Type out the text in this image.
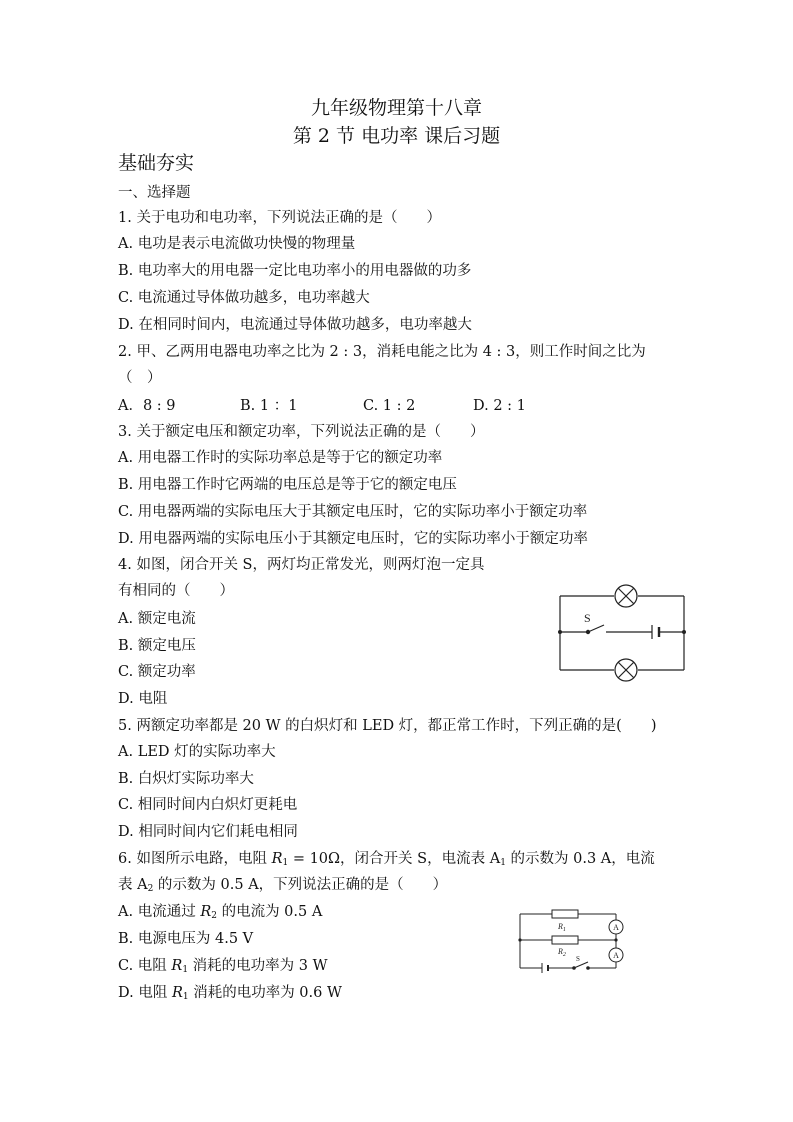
九年级物理第十八章
第 2 节 电功率 课后习题
基础夯实
一、选择题
1. 关于电功和电功率，下列说法正确的是（　　）
A. 电功是表示电流做功快慢的物理量
B. 电功率大的用电器一定比电功率小的用电器做的功多
C. 电流通过导体做功越多，电功率越大
D. 在相同时间内，电流通过导体做功越多，电功率越大
2. 甲、乙两用电器电功率之比为 2 : 3，消耗电能之比为 4 : 3，则工作时间之比为
（　）
A．8 : 9	B. 1 ：1	C. 1 : 2	D. 2 : 1
3. 关于额定电压和额定功率，下列说法正确的是（　　）
A. 用电器工作时的实际功率总是等于它的额定功率
B. 用电器工作时它两端的电压总是等于它的额定电压
C. 用电器两端的实际电压大于其额定电压时，它的实际功率小于额定功率
D. 用电器两端的实际电压小于其额定电压时，它的实际功率小于额定功率
4. 如图，闭合开关 S，两灯均正常发光，则两灯泡一定具
有相同的（　　）
A. 额定电流
B. 额定电压
C. 额定功率
D. 电阻
S
5. 两额定功率都是 20 W 的白炽灯和 LED 灯，都正常工作时，下列正确的是(　　)
A. LED 灯的实际功率大
B. 白炽灯实际功率大
C. 相同时间内白炽灯更耗电
D. 相同时间内它们耗电相同
6. 如图所示电路，电阻 $R_1 = 10\Omega$，闭合开关 S，电流表 $A_1$ 的示数为 0.3 A，电流
表 $A_2$ 的示数为 0.5 A，下列说法正确的是（　　）
A. 电流通过 $R_2$ 的电流为 0.5 A
B. 电源电压为 4.5 V
C. 电阻 $R_1$ 消耗的电功率为 3 W
D. 电阻 $R_1$ 消耗的电功率为 0.6 W
$R_1$
$R_2$
A
A
S
